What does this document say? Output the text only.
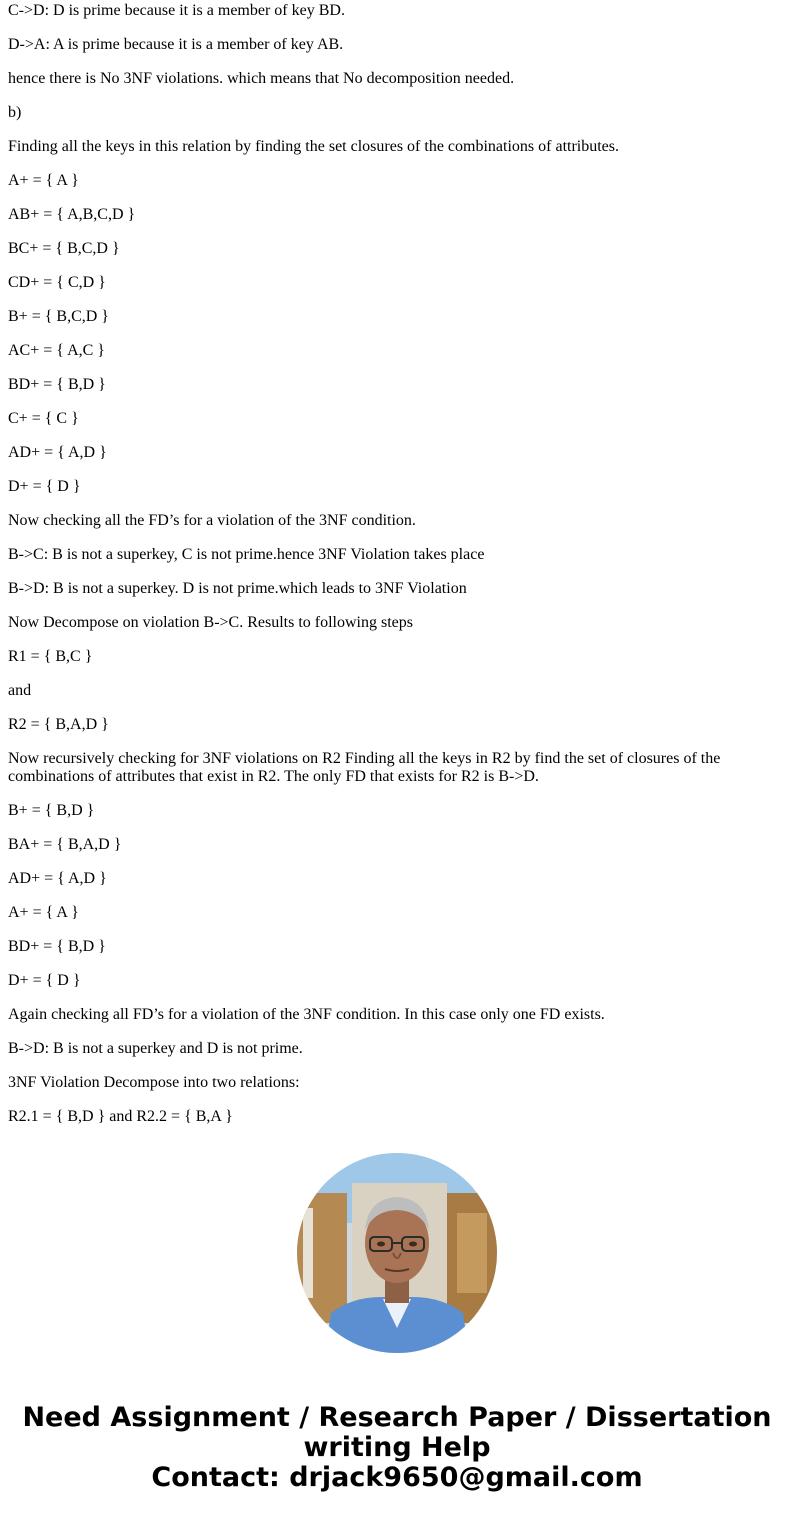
C->D: D is prime because it is a member of key BD.

D->A: A is prime because it is a member of key AB.

hence there is No 3NF violations. which means that No decomposition needed.

b)

Finding all the keys in this relation by finding the set closures of the combinations of attributes.

A+ = { A }

AB+ = { A,B,C,D }

BC+ = { B,C,D }

CD+ = { C,D }

B+ = { B,C,D }

AC+ = { A,C }

BD+ = { B,D }

C+ = { C }

AD+ = { A,D }

D+ = { D }

Now checking all the FD’s for a violation of the 3NF condition.

B->C: B is not a superkey, C is not prime.hence 3NF Violation takes place

B->D: B is not a superkey. D is not prime.which leads to 3NF Violation

Now Decompose on violation B->C. Results to following steps

R1 = { B,C }

and

R2 = { B,A,D }

Now recursively checking for 3NF violations on R2 Finding all the keys in R2 by find the set of closures of the combinations of attributes that exist in R2. The only FD that exists for R2 is B->D.

B+ = { B,D }

BA+ = { B,A,D }

AD+ = { A,D }

A+ = { A }

BD+ = { B,D }

D+ = { D }

Again checking all FD’s for a violation of the 3NF condition. In this case only one FD exists.

B->D: B is not a superkey and D is not prime.

3NF Violation Decompose into two relations:

R2.1 = { B,D } and R2.2 = { B,A }

Need Assignment / Research Paper / Dissertation
writing Help
Contact: drjack9650@gmail.com
